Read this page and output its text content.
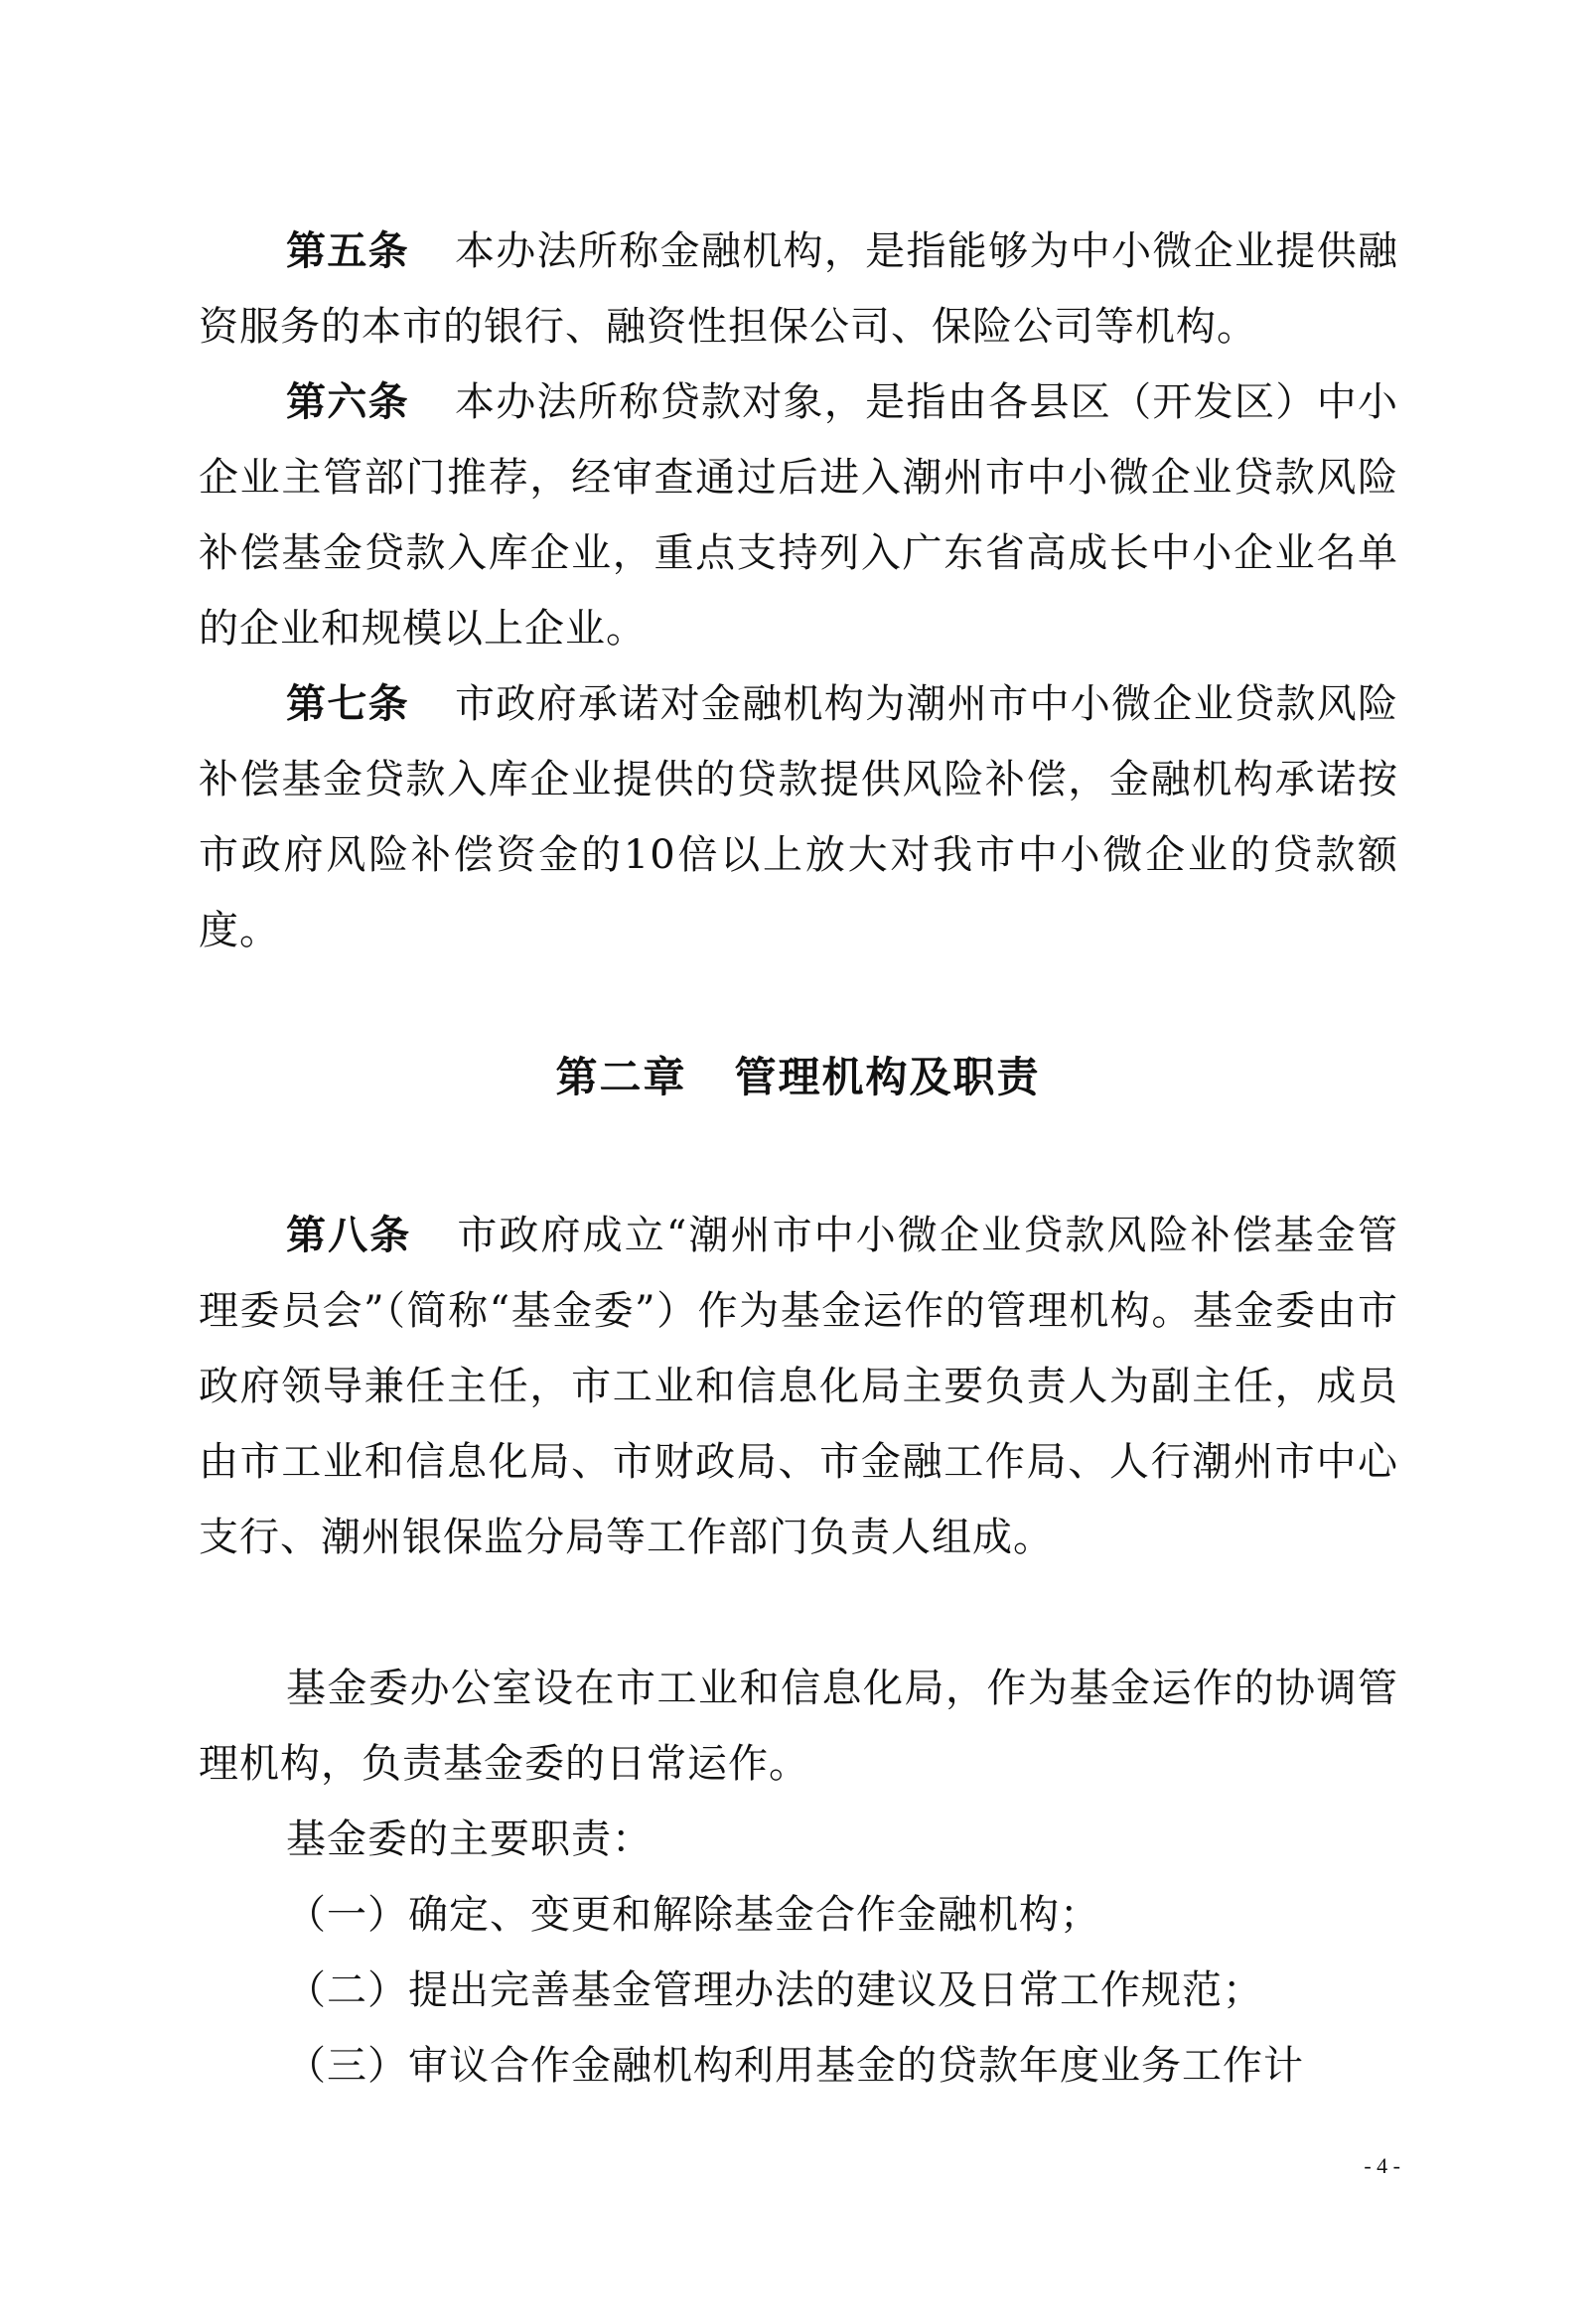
第五条 本办法所称金融机构，是指能够为中小微企业提供融资服务的本市的银行、融资性担保公司、保险公司等机构。

第六条 本办法所称贷款对象，是指由各县区（开发区）中小企业主管部门推荐，经审查通过后进入潮州市中小微企业贷款风险补偿基金贷款入库企业，重点支持列入广东省高成长中小企业名单的企业和规模以上企业。

第七条 市政府承诺对金融机构为潮州市中小微企业贷款风险补偿基金贷款入库企业提供的贷款提供风险补偿，金融机构承诺按市政府风险补偿资金的10倍以上放大对我市中小微企业的贷款额度。

第二章 管理机构及职责

第八条 市政府成立“潮州市中小微企业贷款风险补偿基金管理委员会”（简称“基金委”）作为基金运作的管理机构。基金委由市政府领导兼任主任，市工业和信息化局主要负责人为副主任，成员由市工业和信息化局、市财政局、市金融工作局、人行潮州市中心支行、潮州银保监分局等工作部门负责人组成。

基金委办公室设在市工业和信息化局，作为基金运作的协调管理机构，负责基金委的日常运作。

基金委的主要职责：

（一）确定、变更和解除基金合作金融机构；

（二）提出完善基金管理办法的建议及日常工作规范；

（三）审议合作金融机构利用基金的贷款年度业务工作计

- 4 -
